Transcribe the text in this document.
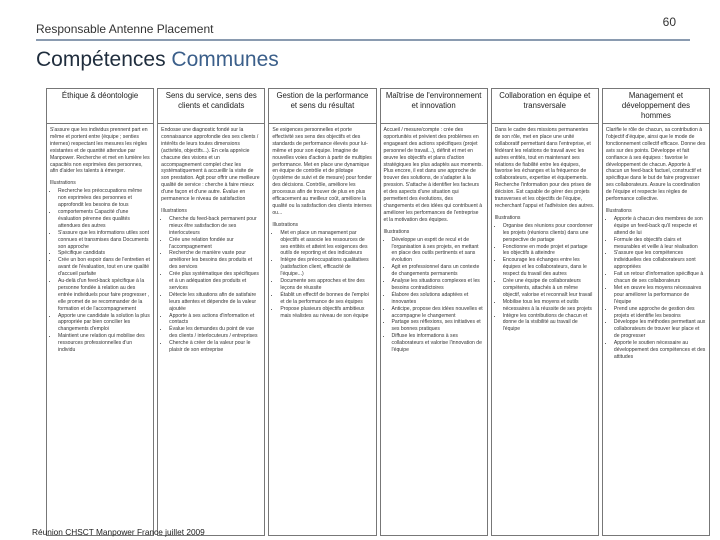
Responsable Antenne Placement	60
Compétences Communes
Éthique & déontologie

S'assure que les individus prennent part en même et portent entre (équipe ; senties internes) respectant les mesures les règles existantes et de quantité attendue par Manpower. Recherche et met en lumière les capacités non exprimées des personnes, afin d'aider les talents à émerger.

Illustrations
• Recherche les préoccupations même non exprimées des personnes et approfondit les besoins de tous
• comportements Capacité d'une évaluation pérenne des qualités attendues des autres
• S'assure que les informations utiles sont connues et transmises dans Documents son approche
• Spécifique candidats
• Crée un bon espoir dans de l'entretien et avant de l'évaluation, tout en une qualité d'accueil parfaite
• Au-delà d'un feed-back spécifique à la personne fondée à relation au des entrée individuels pour faire progresser , elle promet de se recommander de la formation et de l'accompagnement
• Apporte une candidate la solution la plus appropriée par bien concilier les changements d'emploi
• Maintient une relation qui mobilise des ressources professionnelles d'un individu
Sens du service, sens des clients et candidats

Endosse une diagnostic fondé sur la connaissance approfondie des ses clients / intérêts de leurs toutes dimensions (activités, objectifs...). En cela apprécie chacune des visions et un accompagnement complet chez les systématiquement à accueillir la visite de son prestation. Agit pour offrir une meilleure qualité de service : cherche à faire mieux d'une façon et d'une autre. Évalue en permanence le niveau de satisfaction

Illustrations
• Cherche du feed-back permanent pour mieux être satisfaction de ses interlocuteurs
• Crée une relation fondée sur l'accompagnement
• Recherche de manière vaste pour améliorer les besoins des produits et des services
• Crée plus systématique des spécifiques et à un adéquation des produits et services
• Détecte les situations afin de satisfaire leurs attentes et dépendre de la valeur ajoutée
• Apporte à ses actions d'information et contacts
• Évalue les demandes du point de vue des clients / interlocuteurs / entreprises
• Cherche à créer de la valeur pour le plaisir de son entreprise
Gestion de la performance et sens du résultat

Se exigences personnelles et porte effectivité ses sens des objectifs et des standards de performance élevés pour lui-même et pour son équipe. Imagine de nouvelles voies d'action à partir de multiples performance. Met en place une dynamique en équipe de contrôle et de pilotage (système de suivi et de mesure) pour fonder des décisions. Contrôle, améliore les processus afin de trouver de plus en plus efficacement au meilleur coût, améliore la qualité ou la satisfaction des clients internes ou...

Illustrations
• Met en place un management par objectifs et associe les ressources de ses entités et atteint les exigences des outils de reporting et des indicateurs
• Intègre des préoccupations qualitatives (satisfaction client, efficacité de l'équipe...)
• Documente ses approches et tire des leçons de réussite
• Établit un effectif de bonnes de l'emploi et de la performance de ses équipes
• Propose plusieurs objectifs ambitieux mais réalistes au niveau de son équipe
Maîtrise de l'environnement et innovation

Accueil / mesure/compte : crée des opportunités et prévient des problèmes en engageant des actions spécifiques (projet personnel de travail...), définit et met en œuvre les objectifs et plans d'action stratégiques les plus adaptés aux moments. Plus encore, il est dans une approche de trouver des solutions, de s'adapter à la pression. S'attache à identifier les facteurs et des aspects d'une situation qui permettent des évolutions, des changements et des idées qui contribuent à améliorer les performances de l'entreprise et la motivation des équipes.

Illustrations
• Développe un esprit de recul et de l'organisation à ses projets, en mettant en place des outils pertinents et sans évolution
• Agit en professionnel dans un contexte de changements permanents
• Analyse les situations complexes et les besoins contradictoires
• Élabore des solutions adaptées et innovantes
• Anticipe, propose des idées nouvelles et accompagne le changement
• Partage ses réflexions, ses initiatives et ses bonnes pratiques
• Diffuse les informations à ses collaborateurs et valorise l'innovation de l'équipe
Collaboration en équipe et transversale

Dans le cadre des missions permanentes de son rôle, met en place une unité collaboratif permettant dans l'entreprise, et fédérant les relations de travail avec les autres entités, tout en maintenant ses relations de fiabilité entre les équipes, favorise les échanges et la fréquence de collaborateurs, expertise et équipements. Recherche l'information pour des prises de décision. Est capable de gérer des projets transverses et les objectifs de l'équipe, recherchant l'appui et l'adhésion des autres.

Illustrations
• Organise des réunions pour coordonner les projets (réunions clients) dans une perspective de partage
• Fonctionne en mode projet et partage les objectifs à atteindre
• Encourage les échanges entre les équipes et les collaborateurs, dans le respect du travail des autres
• Crée une équipe de collaborateurs compétents, attachés à un même objectif, valorise et reconnaît leur travail
• Mobilise tous les moyens et outils nécessaires à la réussite de ses projets
• Intègre les contributions de chacun et donne de la visibilité au travail de l'équipe
Management et développement des hommes

Clarifie le rôle de chacun, sa contribution à l'objectif d'équipe, ainsi que le mode de fonctionnement collectif efficace. Donne des avis sur des points. Développe et fait confiance à ses équipes : favorise le développement de chacun. Apporte à chacun un feed-back factuel, constructif et spécifique dans le but de faire progresser ses collaborateurs. Assure la coordination de l'équipe et respecte les règles de performance collective.

Illustrations
• Apporte à chacun des membres de son équipe un feed-back qu'il respecte et attend de lui
• Formule des objectifs clairs et mesurables et veille à leur réalisation
• S'assure que les compétences individuelles des collaborateurs sont appropriées
• Fait un retour d'information spécifique à chacun de ses collaborateurs
• Met en œuvre les moyens nécessaires pour améliorer la performance de l'équipe
• Prend une approche de gestion des projets et identifie les besoins
• Développe les méthodes permettant aux collaborateurs de trouver leur place et de progresser
• Apporte le soutien nécessaire au développement des compétences et des attitudes
Réunion CHSCT Manpower France juillet 2009
